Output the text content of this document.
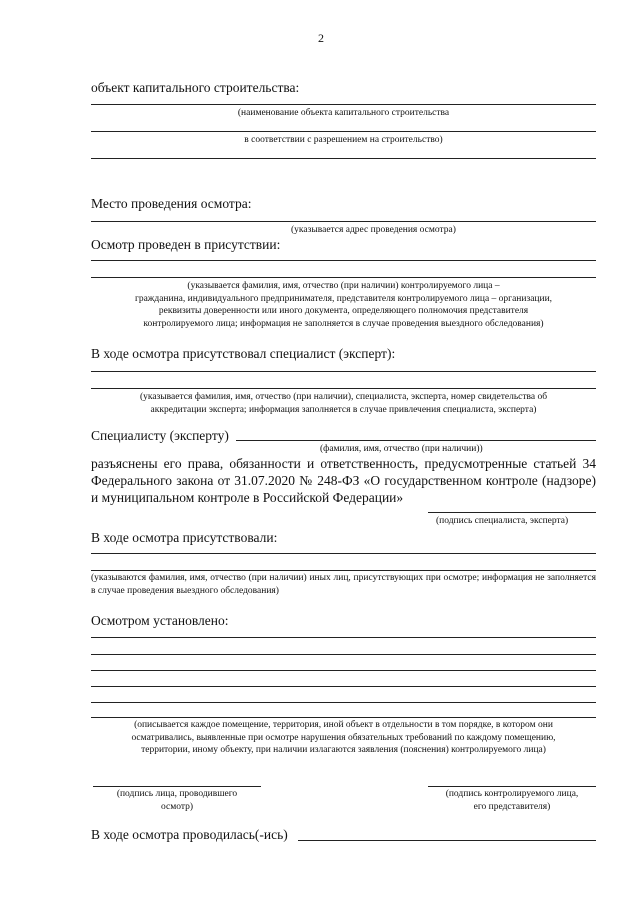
2
объект капитального строительства:
(наименование объекта капитального строительства
в соответствии с разрешением на строительство)
Место проведения осмотра:
(указывается адрес проведения осмотра)
Осмотр проведен в присутствии:
(указывается фамилия, имя, отчество (при наличии) контролируемого лица –
гражданина, индивидуального предпринимателя, представителя контролируемого лица – организации,
реквизиты доверенности или иного документа, определяющего полномочия представителя
контролируемого лица; информация не заполняется в случае проведения выездного обследования)
В ходе осмотра присутствовал специалист (эксперт):
(указывается фамилия, имя, отчество (при наличии), специалиста, эксперта, номер свидетельства об
аккредитации эксперта; информация заполняется в случае привлечения специалиста, эксперта)
Специалисту (эксперту)
(фамилия, имя, отчество (при наличии))
разъяснены его права, обязанности и ответственность, предусмотренные статьей 34 Федерального закона от 31.07.2020 № 248-ФЗ «О государственном контроле (надзоре) и муниципальном контроле в Российской Федерации»
(подпись специалиста, эксперта)
В ходе осмотра присутствовали:
(указываются фамилия, имя, отчество (при наличии) иных лиц, присутствующих при осмотре; информация не заполняется в случае проведения выездного обследования)
Осмотром установлено:
(описывается каждое помещение, территория, иной объект в отдельности в том порядке, в котором они
осматривались, выявленные при осмотре нарушения обязательных требований по каждому помещению,
территории, иному объекту, при наличии излагаются заявления (пояснения) контролируемого лица)
(подпись лица, проводившего
осмотр)
(подпись контролируемого лица,
его представителя)
В ходе осмотра проводилась(-ись)
